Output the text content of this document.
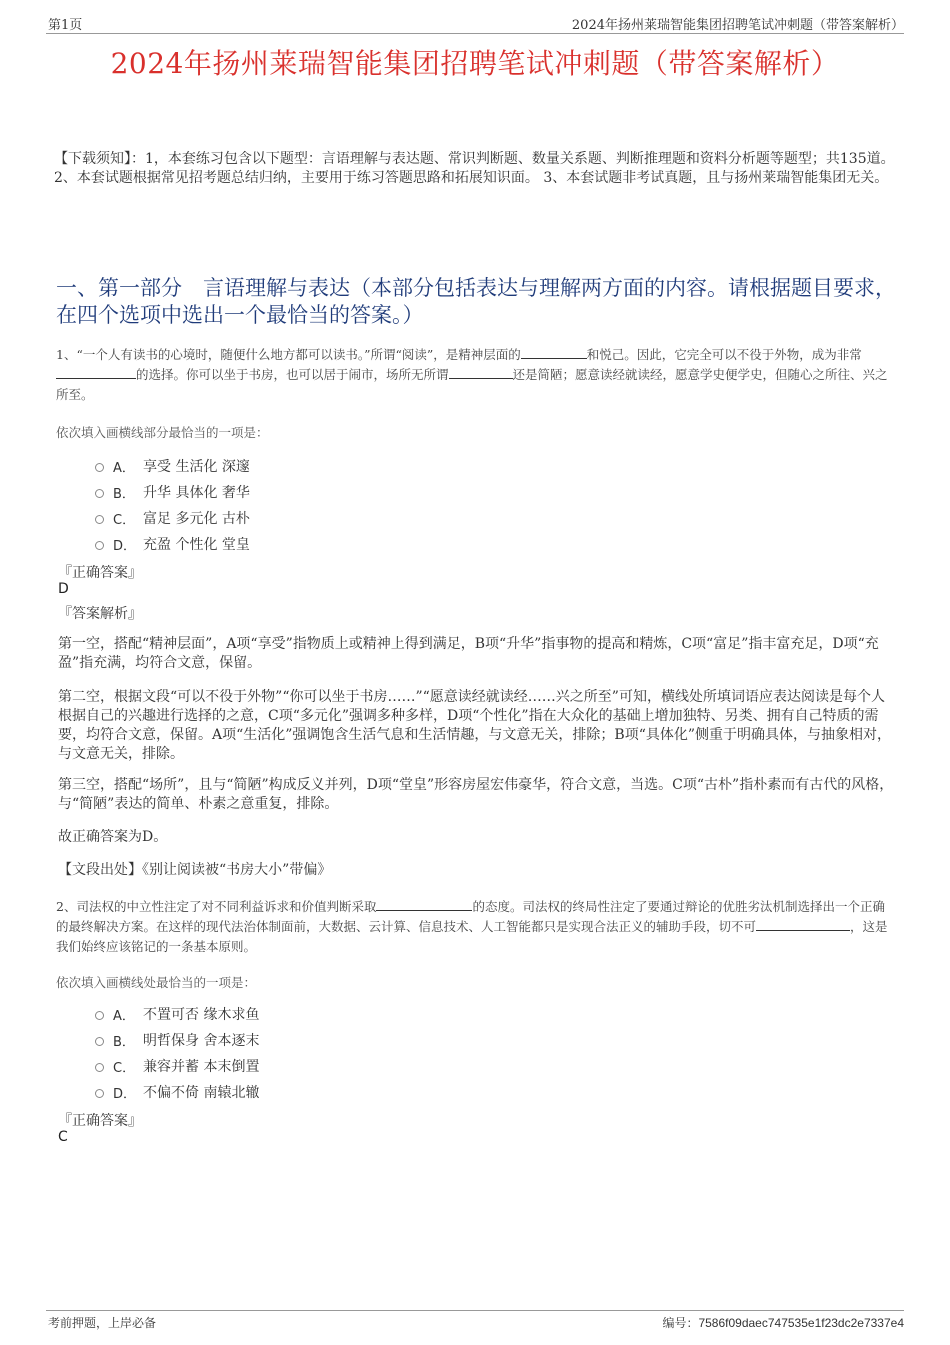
第1页	2024年扬州莱瑞智能集团招聘笔试冲刺题（带答案解析）
2024年扬州莱瑞智能集团招聘笔试冲刺题（带答案解析）
【下载须知】：1，本套练习包含以下题型：言语理解与表达题、常识判断题、数量关系题、判断推理题和资料分析题等题型；共135道。 2、本套试题根据常见招考题总结归纳，主要用于练习答题思路和拓展知识面。 3、本套试题非考试真题，且与扬州莱瑞智能集团无关。
一、第一部分　言语理解与表达（本部分包括表达与理解两方面的内容。请根据题目要求，在四个选项中选出一个最恰当的答案。）
1、“一个人有读书的心境时，随便什么地方都可以读书。”所谓“阅读”，是精神层面的	和悦己。因此，它完全可以不役于外物，成为非常的选择。你可以坐于书房，也可以居于闹市，场所无所谓	还是简陋；愿意读经就读经，愿意学史便学史，但随心之所往、兴之所至。
依次填入画横线部分最恰当的一项是：
A． 享受 生活化 深邃
B． 升华 具体化 奢华
C． 富足 多元化 古朴
D． 充盈 个性化 堂皇
『正确答案』
D
『答案解析』
第一空，搭配“精神层面”，A项“享受”指物质上或精神上得到满足，B项“升华”指事物的提高和精炼，C项“富足”指丰富充足，D项“充盈”指充满，均符合文意，保留。
第二空，根据文段“可以不役于外物”“你可以坐于书房……”“愿意读经就读经……兴之所至”可知，横线处所填词语应表达阅读是每个人根据自己的兴趣进行选择的之意，C项“多元化”强调多种多样，D项“个性化”指在大众化的基础上增加独特、另类、拥有自己特质的需要，均符合文意，保留。A项“生活化”强调饱含生活气息和生活情趣，与文意无关，排除；B项“具体化”侧重于明确具体，与抽象相对，与文意无关，排除。
第三空，搭配“场所”，且与“简陋”构成反义并列，D项“堂皇”形容房屋宏伟豪华，符合文意，当选。C项“古朴”指朴素而有古代的风格，与“简陋”表达的简单、朴素之意重复，排除。
故正确答案为D。
【文段出处】《别让阅读被“书房大小”带偏》
2、司法权的中立性注定了对不同利益诉求和价值判断采取	的态度。司法权的终局性注定了要通过辩论的优胜劣汰机制选择出一个正确的最终解决方案。在这样的现代法治体制面前，大数据、云计算、信息技术、人工智能都只是实现合法正义的辅助手段，切不可	，这是我们始终应该铭记的一条基本原则。
依次填入画横线处最恰当的一项是：
A． 不置可否 缘木求鱼
B． 明哲保身 舍本逐末
C． 兼容并蓄 本末倒置
D． 不偏不倚 南辕北辙
『正确答案』
C
考前押题，上岸必备	编号：7586f09daec747535e1f23dc2e7337e4
